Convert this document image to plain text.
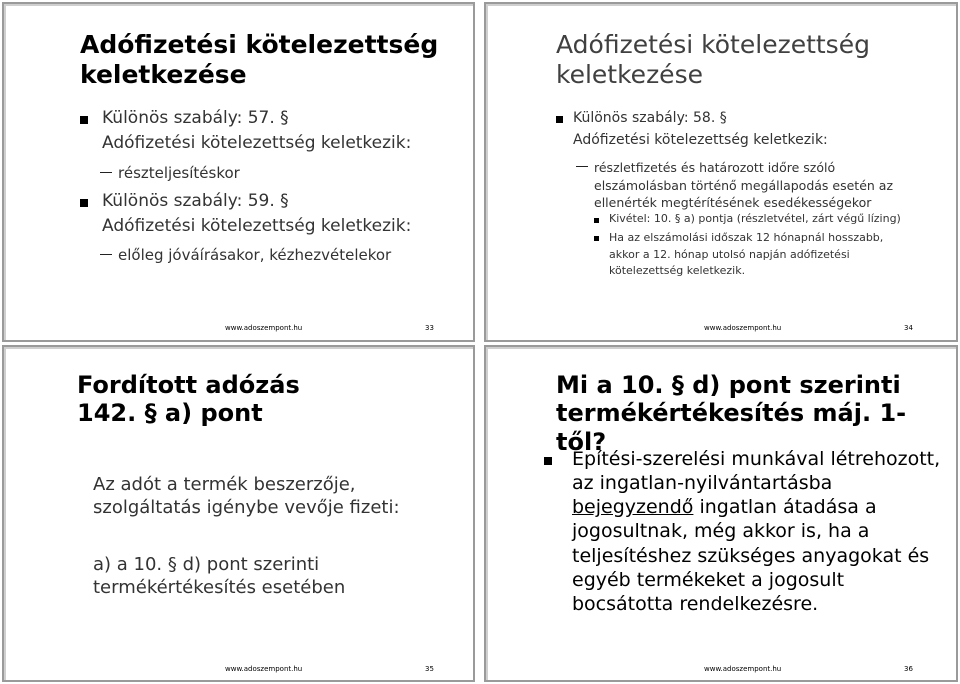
Adófizetési kötelezettség
keletkezése
Különös szabály: 57. §
Adófizetési kötelezettség keletkezik:
részteljesítéskor
Különös szabály: 59. §
Adófizetési kötelezettség keletkezik:
előleg jóváírásakor, kézhezvételekor
www.adoszempont.hu	33
Adófizetési kötelezettség
keletkezése
Különös szabály: 58. §
Adófizetési kötelezettség keletkezik:
részletfizetés és határozott időre szóló
elszámolásban történő megállapodás esetén az
ellenérték megtérítésének esedékességekor
Kivétel: 10. § a) pontja (részletvétel, zárt végű lízing)
Ha az elszámolási időszak 12 hónapnál hosszabb,
akkor a 12. hónap utolsó napján adófizetési
kötelezettség keletkezik.
www.adoszempont.hu	34
Fordított adózás
142. § a) pont
Az adót a termék beszerzője,
szolgáltatás igénybe vevője fizeti:
a) a 10. § d) pont szerinti
termékértékesítés esetében
www.adoszempont.hu	35
Mi a 10. § d) pont szerinti
termékértékesítés máj. 1-től?
Építési-szerelési munkával létrehozott,
az ingatlan-nyilvántartásba
bejegyzendő ingatlan átadása a
jogosultnak, még akkor is, ha a
teljesítéshez szükséges anyagokat és
egyéb termékeket a jogosult
bocsátotta rendelkezésre.
www.adoszempont.hu	36
